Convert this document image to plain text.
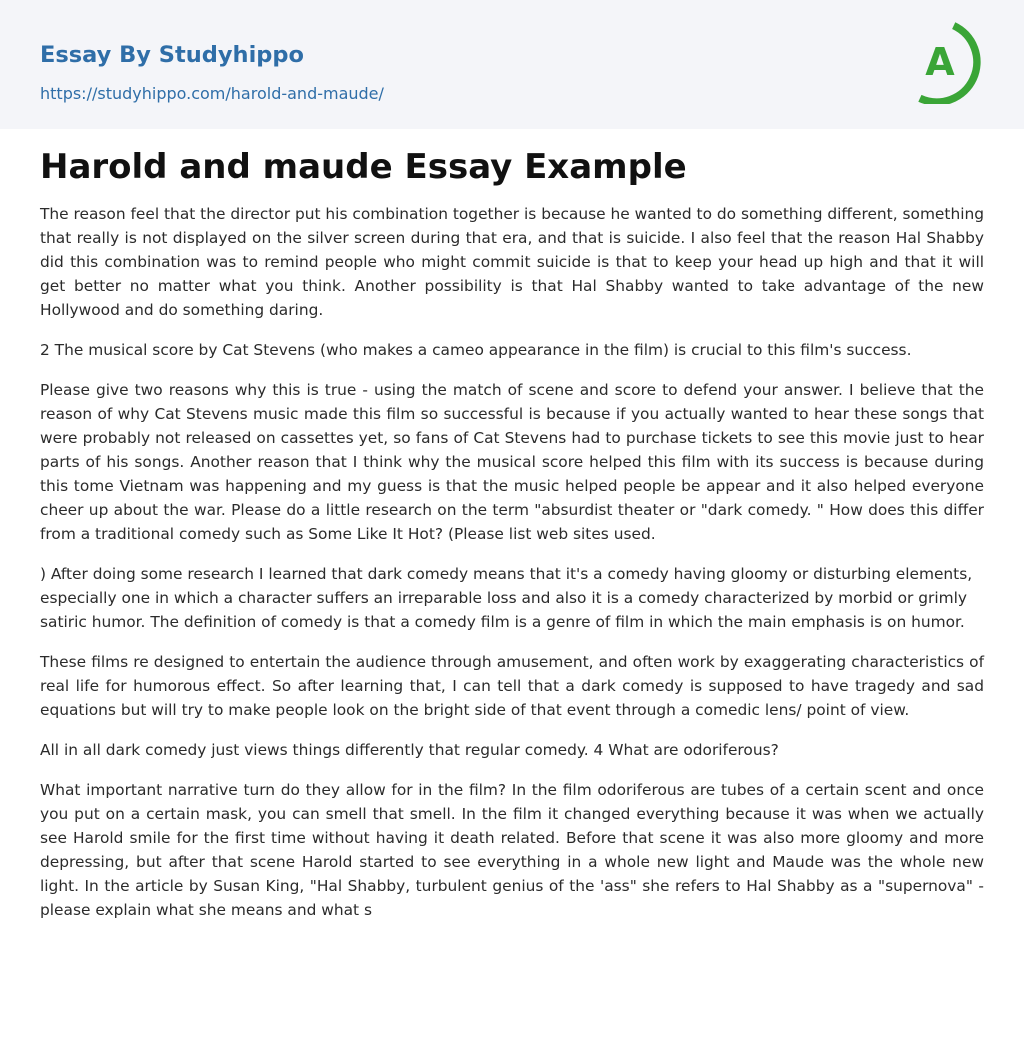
Essay By Studyhippo
https://studyhippo.com/harold-and-maude/
A
Harold and maude Essay Example

The reason feel that the director put his combination together is because he wanted to do something different, something that really is not displayed on the silver screen during that era, and that is suicide. I also feel that the reason Hal Shabby did this combination was to remind people who might commit suicide is that to keep your head up high and that it will get better no matter what you think. Another possibility is that Hal Shabby wanted to take advantage of the new Hollywood and do something daring.

2 The musical score by Cat Stevens (who makes a cameo appearance in the film) is crucial to this film's success.

Please give two reasons why this is true - using the match of scene and score to defend your answer. I believe that the reason of why Cat Stevens music made this film so successful is because if you actually wanted to hear these songs that were probably not released on cassettes yet, so fans of Cat Stevens had to purchase tickets to see this movie just to hear parts of his songs. Another reason that I think why the musical score helped this film with its success is because during this tome Vietnam was happening and my guess is that the music helped people be appear and it also helped everyone cheer up about the war. Please do a little research on the term "absurdist theater or "dark comedy. " How does this differ from a traditional comedy such as Some Like It Hot? (Please list web sites used.

) After doing some research I learned that dark comedy means that it's a comedy having gloomy or disturbing elements, especially one in which a character suffers an irreparable loss and also it is a comedy characterized by morbid or grimly satiric humor. The definition of comedy is that a comedy film is a genre of film in which the main emphasis is on humor.

These films re designed to entertain the audience through amusement, and often work by exaggerating characteristics of real life for humorous effect. So after learning that, I can tell that a dark comedy is supposed to have tragedy and sad equations but will try to make people look on the bright side of that event through a comedic lens/ point of view.

All in all dark comedy just views things differently that regular comedy. 4 What are odoriferous?

What important narrative turn do they allow for in the film? In the film odoriferous are tubes of a certain scent and once you put on a certain mask, you can smell that smell. In the film it changed everything because it was when we actually see Harold smile for the first time without having it death related. Before that scene it was also more gloomy and more depressing, but after that scene Harold started to see everything in a whole new light and Maude was the whole new light. In the article by Susan King, "Hal Shabby, turbulent genius of the 'ass" she refers to Hal Shabby as a "supernova" - please explain what she means and what s
